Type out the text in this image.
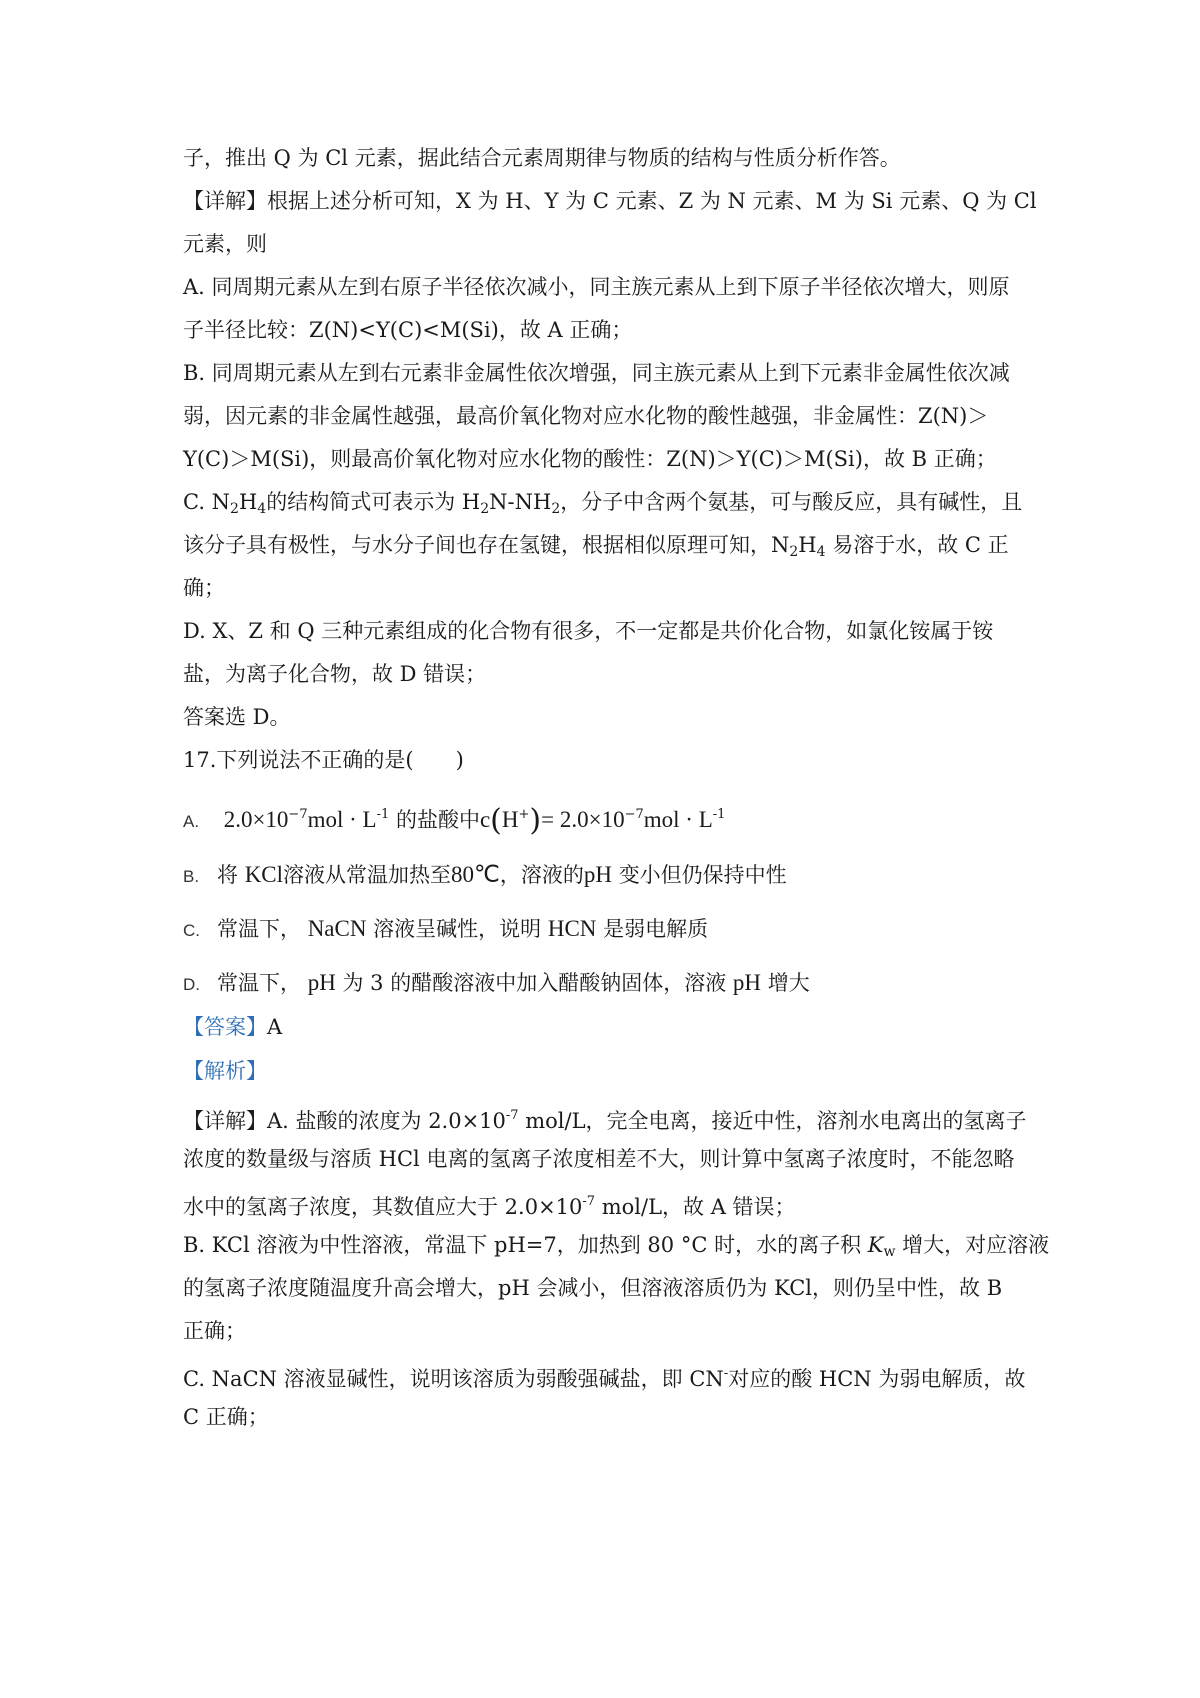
子，推出 Q 为 Cl 元素，据此结合元素周期律与物质的结构与性质分析作答。
【详解】根据上述分析可知，X 为 H、Y 为 C 元素、Z 为 N 元素、M 为 Si 元素、Q 为 Cl
元素，则
A. 同周期元素从左到右原子半径依次减小，同主族元素从上到下原子半径依次增大，则原
子半径比较：Z(N)<Y(C)<M(Si)，故 A 正确；
B. 同周期元素从左到右元素非金属性依次增强，同主族元素从上到下元素非金属性依次减
弱，因元素的非金属性越强，最高价氧化物对应水化物的酸性越强，非金属性：Z(N)＞
Y(C)＞M(Si)，则最高价氧化物对应水化物的酸性：Z(N)＞Y(C)＞M(Si)，故 B 正确；
C. $N_2H_4$的结构简式可表示为 $H_2N-NH_2$，分子中含两个氨基，可与酸反应，具有碱性，且
该分子具有极性，与水分子间也存在氢键，根据相似原理可知，$N_2H_4$ 易溶于水，故 C 正
确；
D. X、Z 和 Q 三种元素组成的化合物有很多，不一定都是共价化合物，如氯化铵属于铵
盐，为离子化合物，故 D 错误；
答案选 D。
17.下列说法不正确的是(　　)
A. $2.0\times 10^{-7}mol \cdot L^{-1}$ 的盐酸中$c(H^+)= 2.0\times 10^{-7}mol \cdot L^{-1}$
B. 将 KCl溶液从常温加热至80℃，溶液的pH 变小但仍保持中性
C. 常温下， NaCN 溶液呈碱性，说明 HCN 是弱电解质
D. 常温下， pH 为 3 的醋酸溶液中加入醋酸钠固体，溶液 pH 增大
【答案】A
【解析】
【详解】A. 盐酸的浓度为 $2.0\times 10^{-7}$ mol/L，完全电离，接近中性，溶剂水电离出的氢离子
浓度的数量级与溶质 HCl 电离的氢离子浓度相差不大，则计算中氢离子浓度时，不能忽略
水中的氢离子浓度，其数值应大于 $2.0\times 10^{-7}$ mol/L，故 A 错误；
B. KCl 溶液为中性溶液，常温下 pH=7，加热到 80 °C 时，水的离子积 $K_w$ 增大，对应溶液
的氢离子浓度随温度升高会增大，pH 会减小，但溶液溶质仍为 KCl，则仍呈中性，故 B
正确；
C. NaCN 溶液显碱性，说明该溶质为弱酸强碱盐，即 CN-对应的酸 HCN 为弱电解质，故
C 正确；
